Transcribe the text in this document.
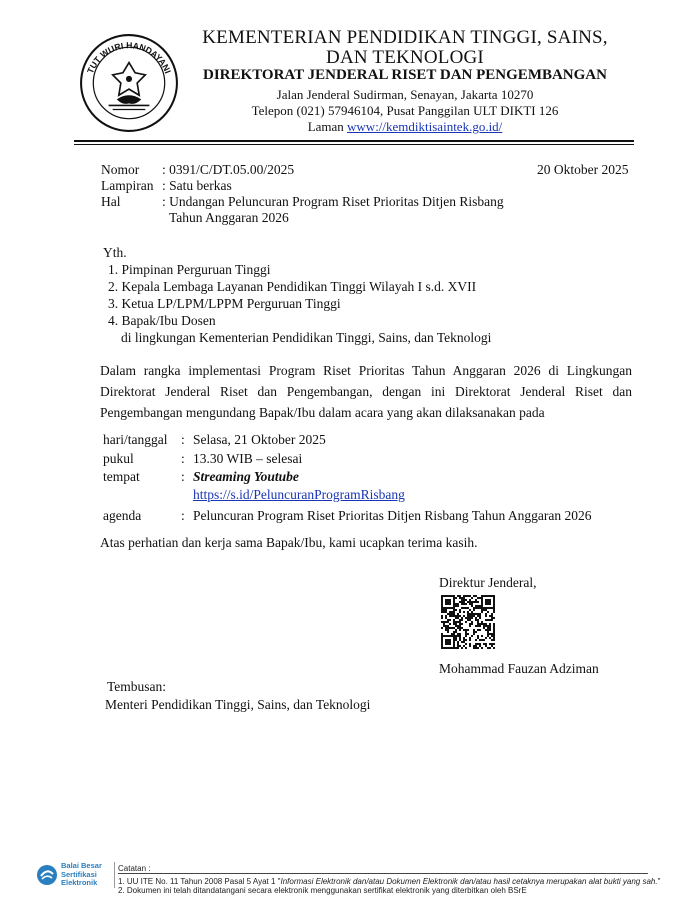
TUT WURI HANDAYANI
KEMENTERIAN PENDIDIKAN TINGGI, SAINS,
DAN TEKNOLOGI
DIREKTORAT JENDERAL RISET DAN PENGEMBANGAN
Jalan Jenderal Sudirman, Senayan, Jakarta 10270
Telepon (021) 57946104, Pusat Panggilan ULT DIKTI 126
Laman www://kemdiktisaintek.go.id/
Nomor : 0391/C/DT.05.00/2025	20 Oktober 2025
Lampiran : Satu berkas
Hal	: Undangan Peluncuran Program Riset Prioritas Ditjen Risbang
Tahun Anggaran 2026
Yth.
1. Pimpinan Perguruan Tinggi
2. Kepala Lembaga Layanan Pendidikan Tinggi Wilayah I s.d. XVII
3. Ketua LP/LPM/LPPM Perguruan Tinggi
4. Bapak/Ibu Dosen
di lingkungan Kementerian Pendidikan Tinggi, Sains, dan Teknologi
Dalam rangka implementasi Program Riset Prioritas Tahun Anggaran 2026 di Lingkungan
Direktorat Jenderal Riset dan Pengembangan, dengan ini Direktorat Jenderal Riset dan
Pengembangan mengundang Bapak/Ibu dalam acara yang akan dilaksanakan pada
hari/tanggal : Selasa, 21 Oktober 2025
pukul	: 13.30 WIB – selesai
tempat	: Streaming Youtube
https://s.id/PeluncuranProgramRisbang
agenda	: Peluncuran Program Riset Prioritas Ditjen Risbang Tahun Anggaran 2026
Atas perhatian dan kerja sama Bapak/Ibu, kami ucapkan terima kasih.
Direktur Jenderal,
Mohammad Fauzan Adziman
Tembusan:
Menteri Pendidikan Tinggi, Sains, dan Teknologi
Balai Besar
Sertifikasi
Elektronik
Catatan :
1. UU ITE No. 11 Tahun 2008 Pasal 5 Ayat 1 "Informasi Elektronik dan/atau Dokumen Elektronik dan/atau hasil cetaknya merupakan alat bukti yang sah."
2. Dokumen ini telah ditandatangani secara elektronik menggunakan sertifikat elektronik yang diterbitkan oleh BSrE
